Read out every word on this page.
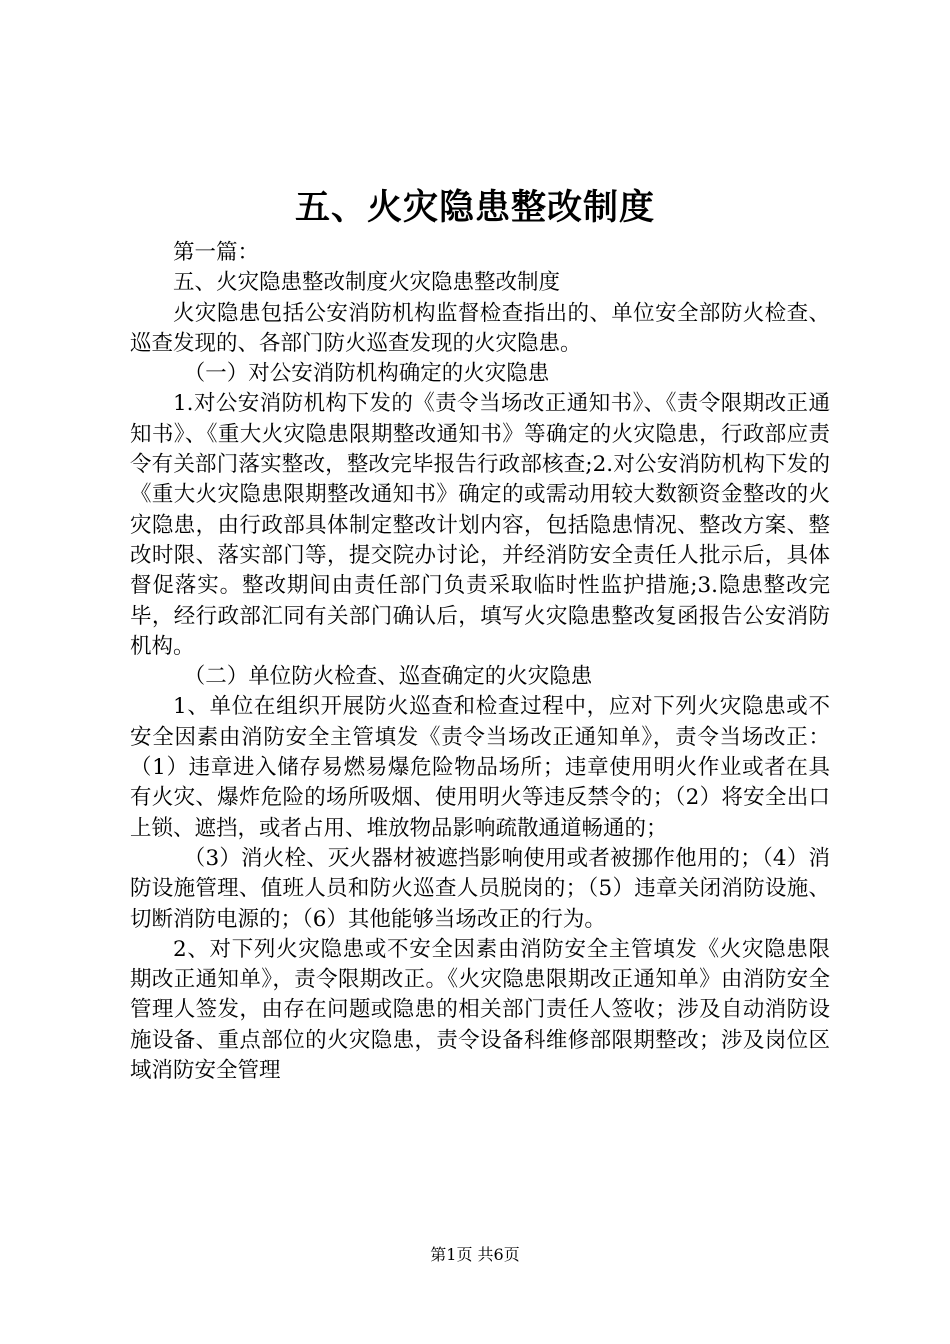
五、火灾隐患整改制度

第一篇：

五、火灾隐患整改制度火灾隐患整改制度

火灾隐患包括公安消防机构监督检查指出的、单位安全部防火检查、巡查发现的、各部门防火巡查发现的火灾隐患。

（一）对公安消防机构确定的火灾隐患

1.对公安消防机构下发的《责令当场改正通知书》、《责令限期改正通知书》、《重大火灾隐患限期整改通知书》等确定的火灾隐患，行政部应责令有关部门落实整改，整改完毕报告行政部核查;2.对公安消防机构下发的《重大火灾隐患限期整改通知书》确定的或需动用较大数额资金整改的火灾隐患，由行政部具体制定整改计划内容，包括隐患情况、整改方案、整改时限、落实部门等，提交院办讨论，并经消防安全责任人批示后，具体督促落实。整改期间由责任部门负责采取临时性监护措施;3.隐患整改完毕，经行政部汇同有关部门确认后，填写火灾隐患整改复函报告公安消防机构。

（二）单位防火检查、巡查确定的火灾隐患

1、单位在组织开展防火巡查和检查过程中，应对下列火灾隐患或不安全因素由消防安全主管填发《责令当场改正通知单》，责令当场改正：（1）违章进入储存易燃易爆危险物品场所；违章使用明火作业或者在具有火灾、爆炸危险的场所吸烟、使用明火等违反禁令的；（2）将安全出口上锁、遮挡，或者占用、堆放物品影响疏散通道畅通的；

（3）消火栓、灭火器材被遮挡影响使用或者被挪作他用的；（4）消防设施管理、值班人员和防火巡查人员脱岗的；（5）违章关闭消防设施、切断消防电源的；（6）其他能够当场改正的行为。

2、对下列火灾隐患或不安全因素由消防安全主管填发《火灾隐患限期改正通知单》，责令限期改正。《火灾隐患限期改正通知单》由消防安全管理人签发，由存在问题或隐患的相关部门责任人签收；涉及自动消防设施设备、重点部位的火灾隐患，责令设备科维修部限期整改；涉及岗位区域消防安全管理

第1页 共6页
